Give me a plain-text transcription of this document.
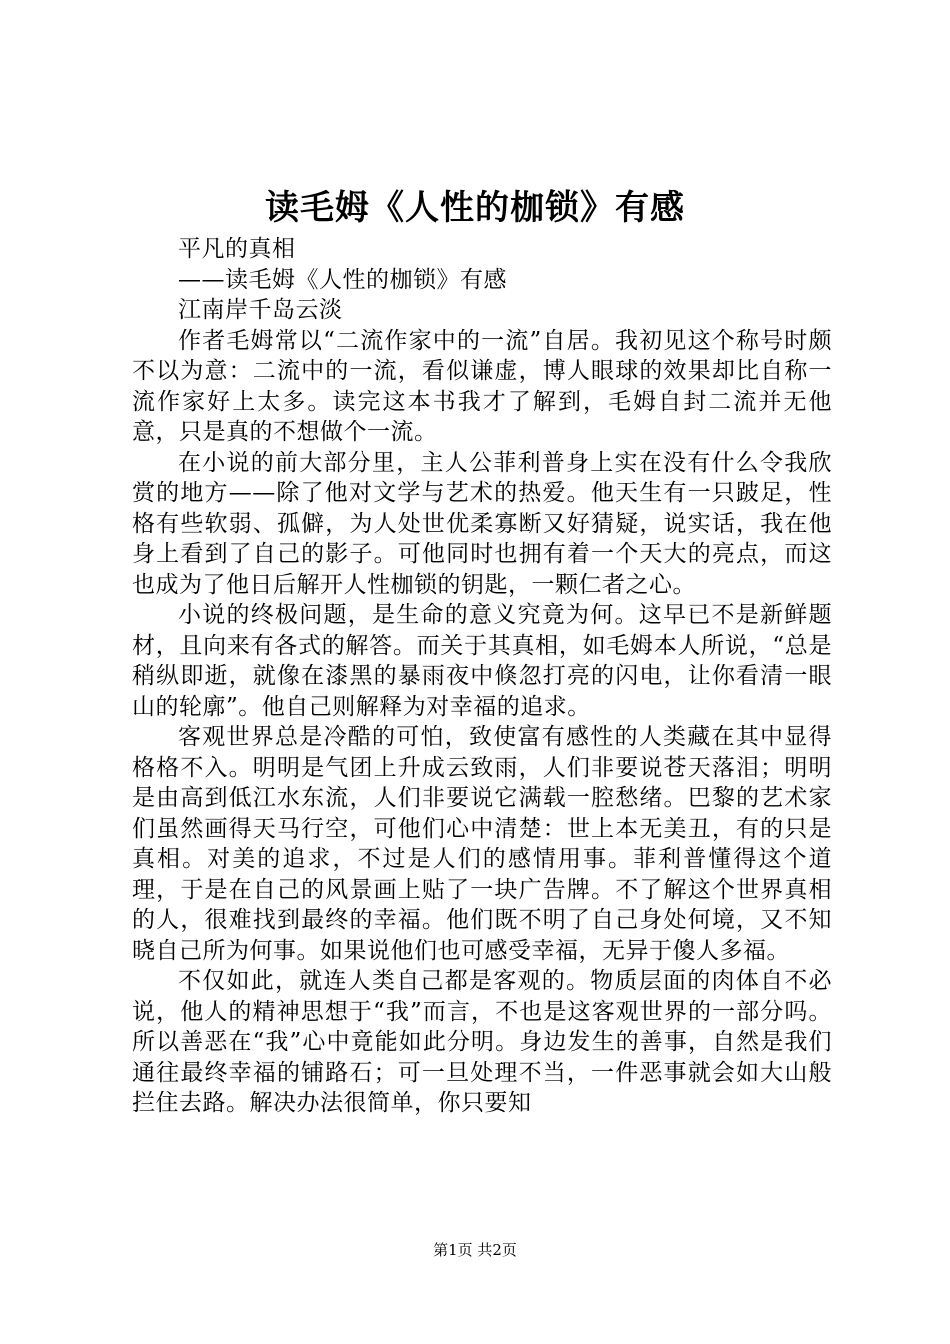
读毛姆《人性的枷锁》有感

平凡的真相

——读毛姆《人性的枷锁》有感

江南岸千岛云淡

作者毛姆常以“二流作家中的一流”自居。我初见这个称号时颇不以为意：二流中的一流，看似谦虚，博人眼球的效果却比自称一流作家好上太多。读完这本书我才了解到，毛姆自封二流并无他意，只是真的不想做个一流。

在小说的前大部分里，主人公菲利普身上实在没有什么令我欣赏的地方——除了他对文学与艺术的热爱。他天生有一只跛足，性格有些软弱、孤僻，为人处世优柔寡断又好猜疑，说实话，我在他身上看到了自己的影子。可他同时也拥有着一个天大的亮点，而这也成为了他日后解开人性枷锁的钥匙，一颗仁者之心。

小说的终极问题，是生命的意义究竟为何。这早已不是新鲜题材，且向来有各式的解答。而关于其真相，如毛姆本人所说，“总是稍纵即逝，就像在漆黑的暴雨夜中倏忽打亮的闪电，让你看清一眼山的轮廓”。他自己则解释为对幸福的追求。

客观世界总是冷酷的可怕，致使富有感性的人类藏在其中显得格格不入。明明是气团上升成云致雨，人们非要说苍天落泪；明明是由高到低江水东流，人们非要说它满载一腔愁绪。巴黎的艺术家们虽然画得天马行空，可他们心中清楚：世上本无美丑，有的只是真相。对美的追求，不过是人们的感情用事。菲利普懂得这个道理，于是在自己的风景画上贴了一块广告牌。不了解这个世界真相的人，很难找到最终的幸福。他们既不明了自己身处何境，又不知晓自己所为何事。如果说他们也可感受幸福，无异于傻人多福。

不仅如此，就连人类自己都是客观的。物质层面的肉体自不必说，他人的精神思想于“我”而言，不也是这客观世界的一部分吗。所以善恶在“我”心中竟能如此分明。身边发生的善事，自然是我们通往最终幸福的铺路石；可一旦处理不当，一件恶事就会如大山般拦住去路。解决办法很简单，你只要知

第1页 共2页
